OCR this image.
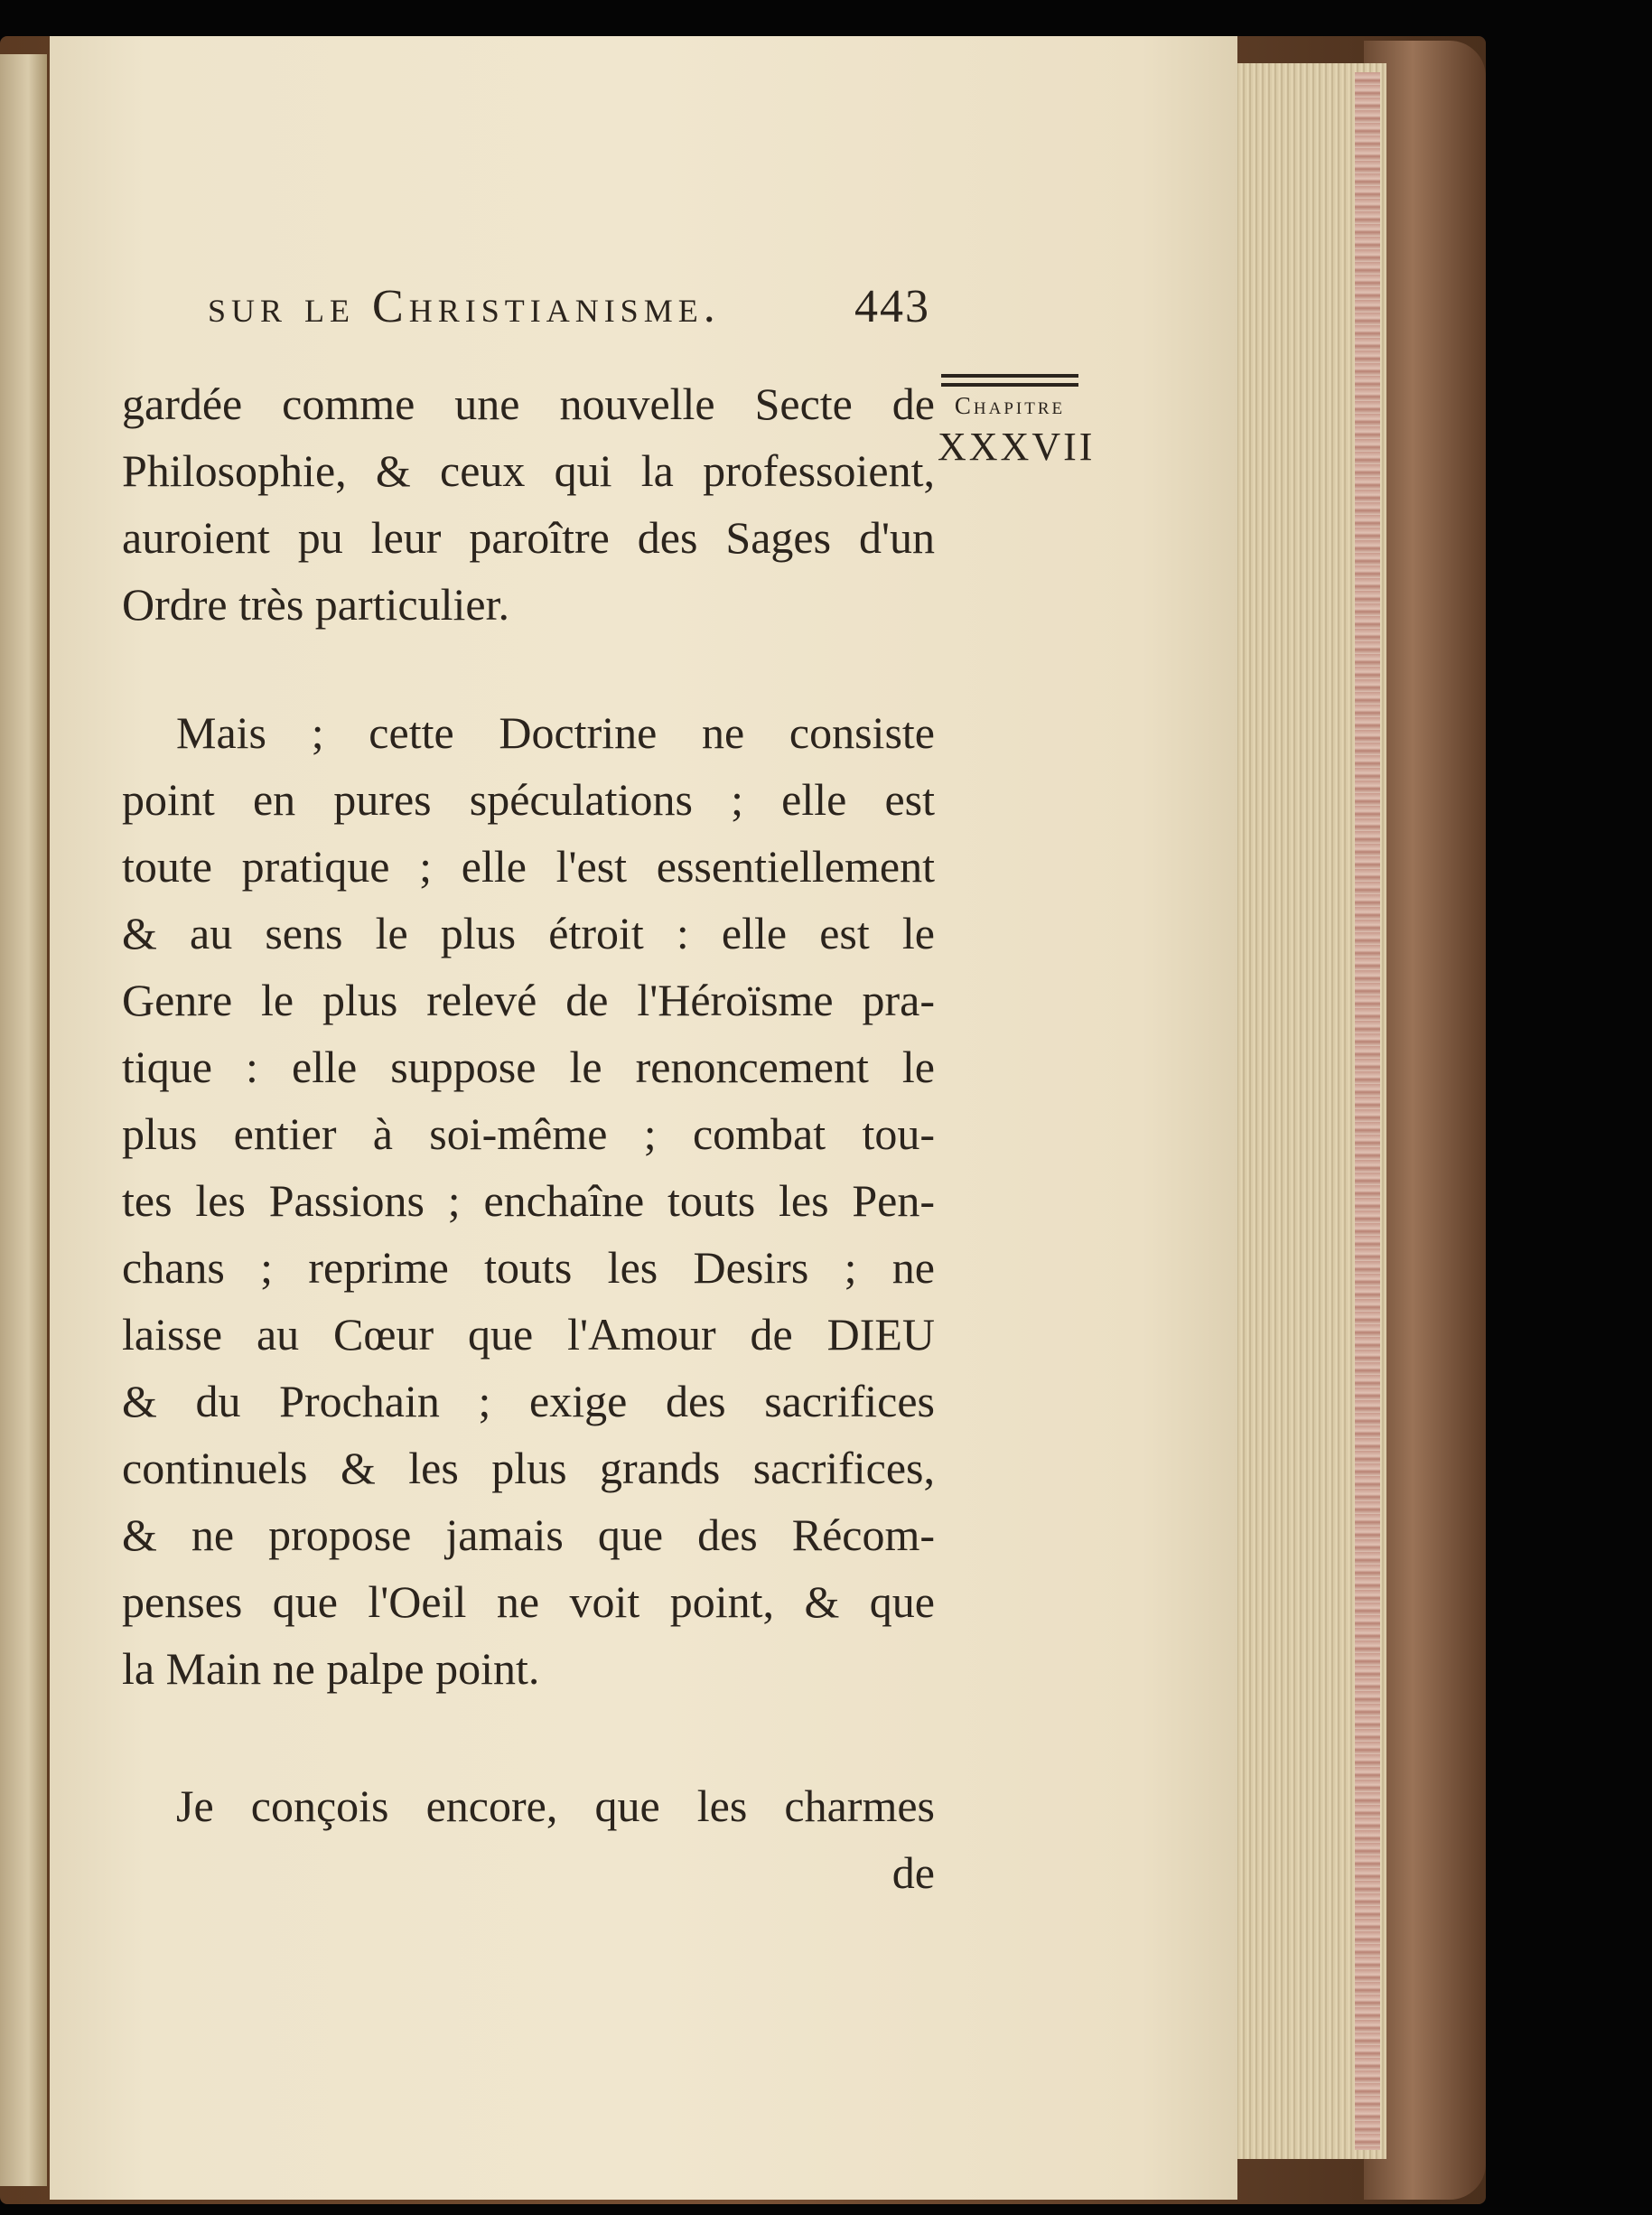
sur le Christianisme.	443
Chapitre
XXXVII
gardée comme une nouvelle Secte de
Philosophie, & ceux qui la professoient,
auroient pu leur paroître des Sages d'un
Ordre très particulier.
Mais ; cette Doctrine ne consiste
point en pures spéculations ; elle est
toute pratique ; elle l'est essentiellement
& au sens le plus étroit : elle est le
Genre le plus relevé de l'Héroïsme pra-
tique : elle suppose le renoncement le
plus entier à soi-même ; combat tou-
tes les Passions ; enchaîne touts les Pen-
chans ; reprime touts les Desirs ; ne
laisse au Cœur que l'Amour de DIEU
& du Prochain ; exige des sacrifices
continuels & les plus grands sacrifices,
& ne propose jamais que des Récom-
penses que l'Oeil ne voit point, & que
la Main ne palpe point.
Je conçois encore, que les charmes
de
